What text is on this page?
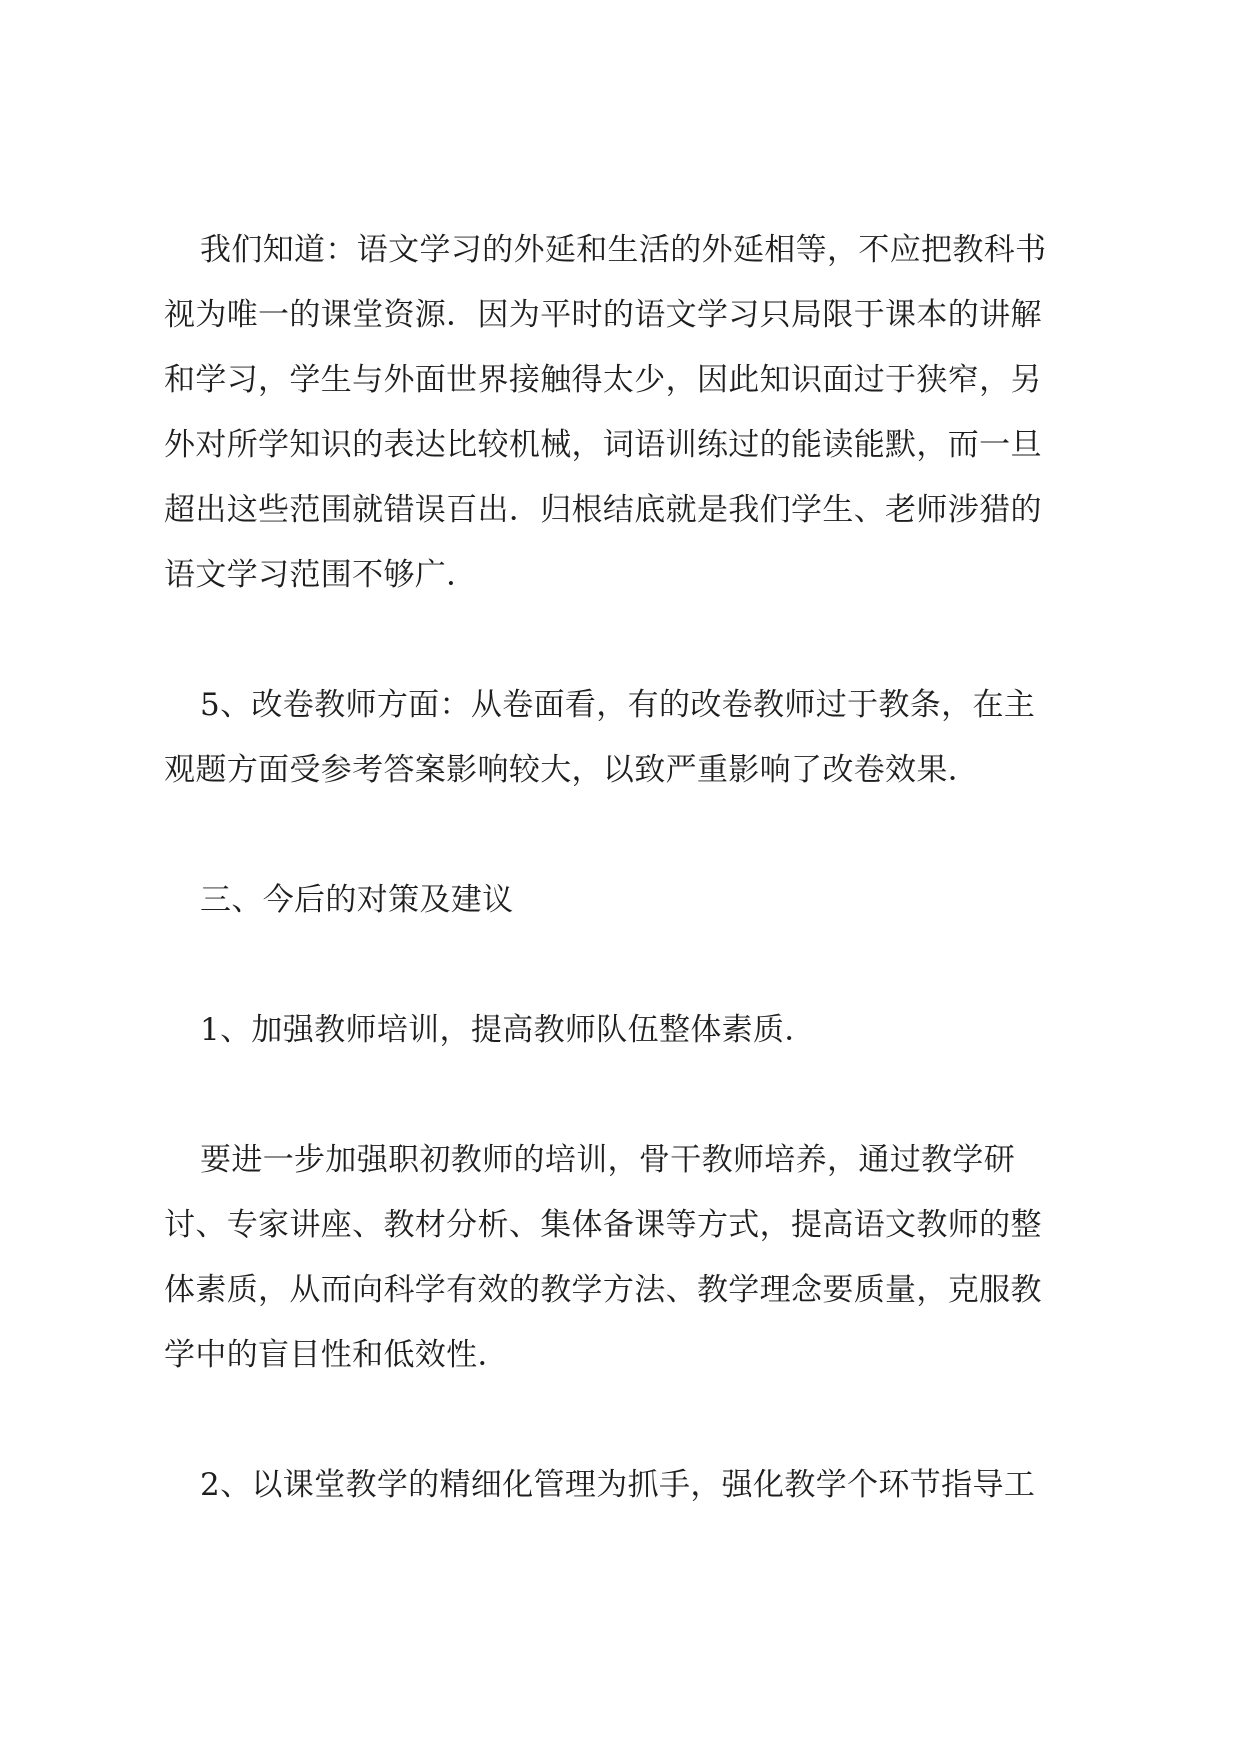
我们知道：语文学习的外延和生活的外延相等，不应把教科书
视为唯一的课堂资源．因为平时的语文学习只局限于课本的讲解
和学习，学生与外面世界接触得太少，因此知识面过于狭窄，另
外对所学知识的表达比较机械，词语训练过的能读能默，而一旦
超出这些范围就错误百出．归根结底就是我们学生、老师涉猎的
语文学习范围不够广．
5、改卷教师方面：从卷面看，有的改卷教师过于教条，在主
观题方面受参考答案影响较大，以致严重影响了改卷效果．
三、今后的对策及建议
1、加强教师培训，提高教师队伍整体素质．
要进一步加强职初教师的培训，骨干教师培养，通过教学研
讨、专家讲座、教材分析、集体备课等方式，提高语文教师的整
体素质，从而向科学有效的教学方法、教学理念要质量，克服教
学中的盲目性和低效性．
2、以课堂教学的精细化管理为抓手，强化教学个环节指导工
